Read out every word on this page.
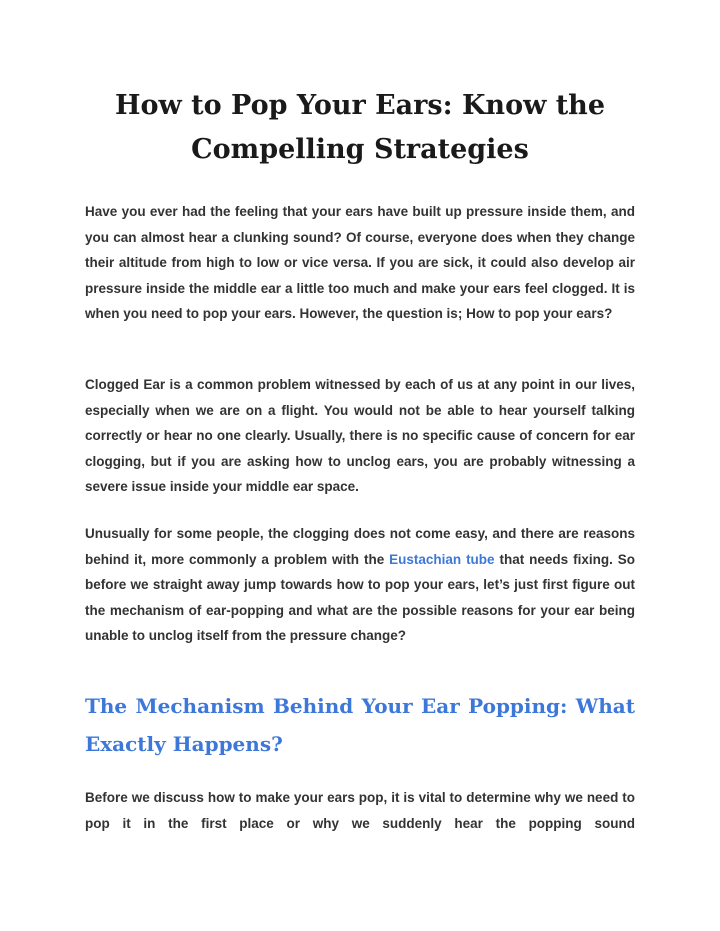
How to Pop Your Ears: Know the Compelling Strategies

Have you ever had the feeling that your ears have built up pressure inside them, and you can almost hear a clunking sound? Of course, everyone does when they change their altitude from high to low or vice versa. If you are sick, it could also develop air pressure inside the middle ear a little too much and make your ears feel clogged. It is when you need to pop your ears. However, the question is; How to pop your ears?

Clogged Ear is a common problem witnessed by each of us at any point in our lives, especially when we are on a flight. You would not be able to hear yourself talking correctly or hear no one clearly. Usually, there is no specific cause of concern for ear clogging, but if you are asking how to unclog ears, you are probably witnessing a severe issue inside your middle ear space.

Unusually for some people, the clogging does not come easy, and there are reasons behind it, more commonly a problem with the Eustachian tube that needs fixing. So before we straight away jump towards how to pop your ears, let’s just first figure out the mechanism of ear-popping and what are the possible reasons for your ear being unable to unclog itself from the pressure change?

The Mechanism Behind Your Ear Popping: What Exactly Happens?

Before we discuss how to make your ears pop, it is vital to determine why we need to pop it in the first place or why we suddenly hear the popping sound
